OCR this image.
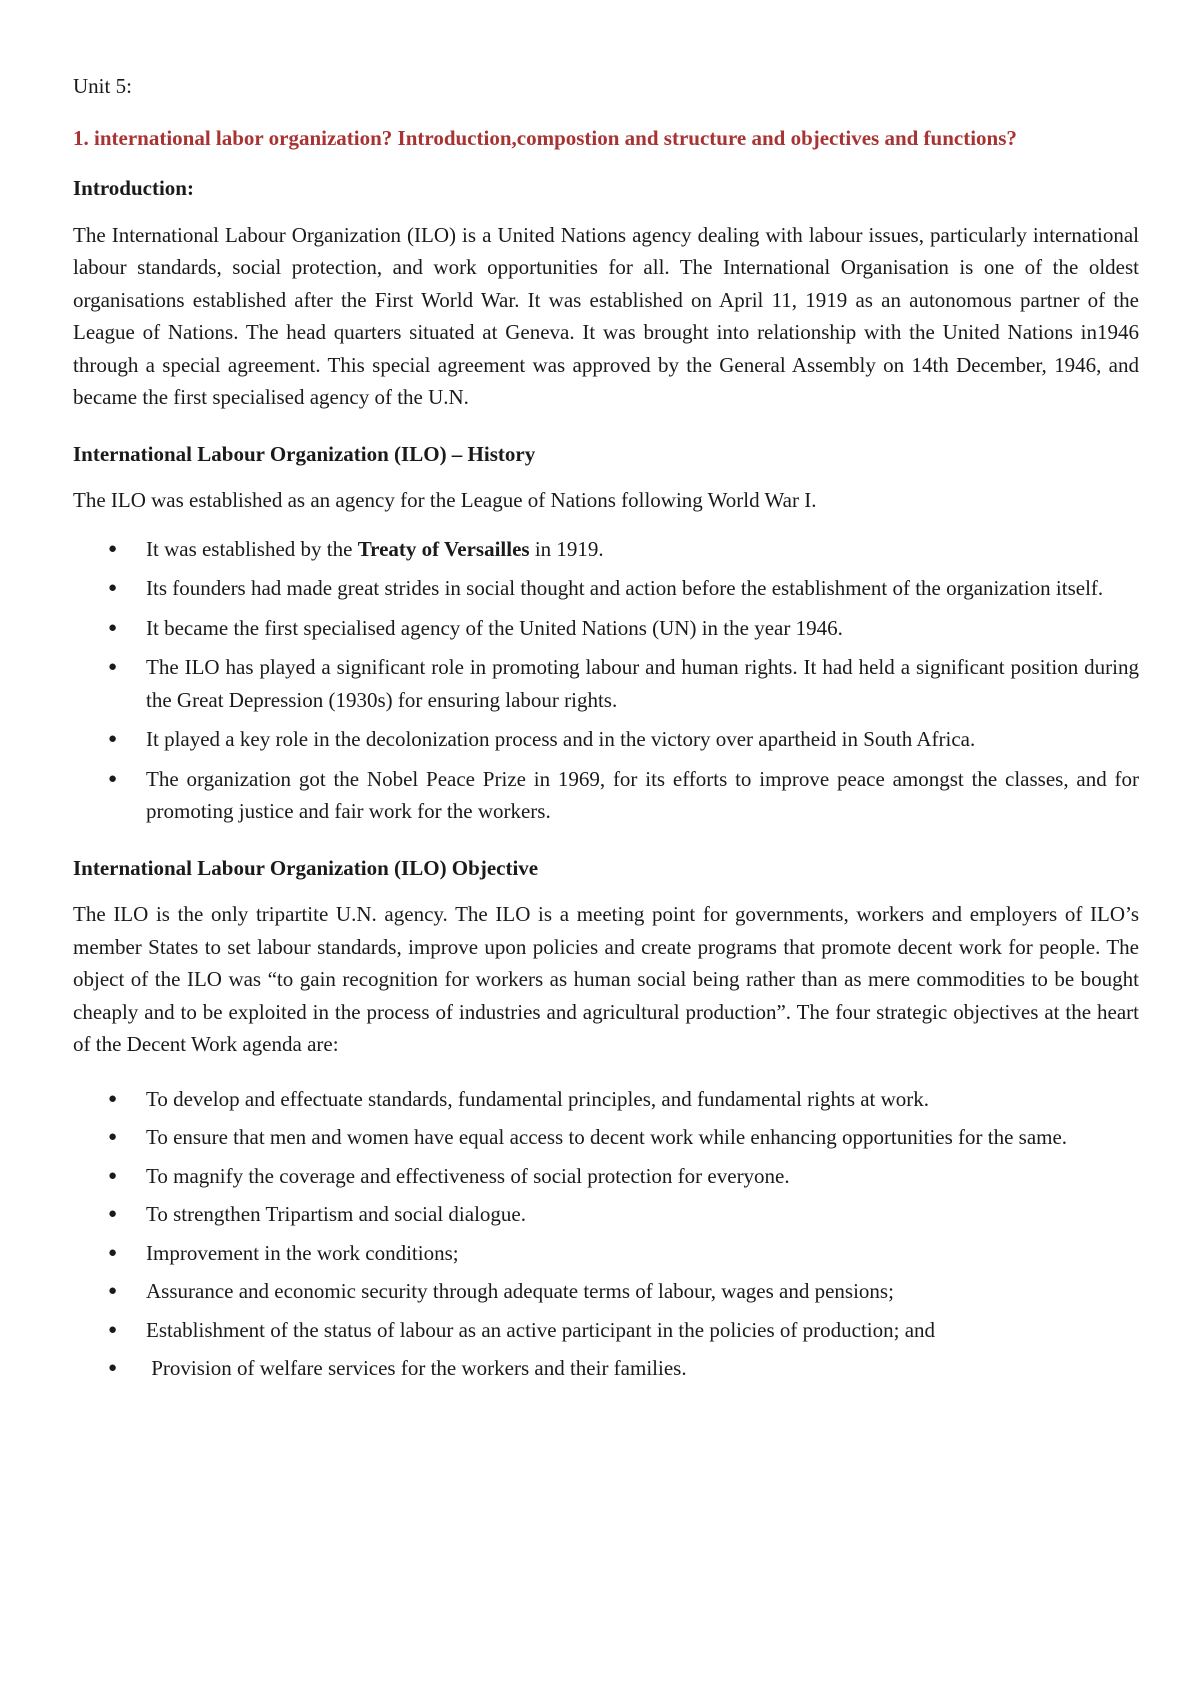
Unit 5:

1. international labor organization? Introduction,compostion and structure and objectives and functions?

Introduction:

The International Labour Organization (ILO) is a United Nations agency dealing with labour issues, particularly international labour standards, social protection, and work opportunities for all. The International Organisation is one of the oldest organisations established after the First World War. It was established on April 11, 1919 as an autonomous partner of the League of Nations. The head quarters situated at Geneva. It was brought into relationship with the United Nations in1946 through a special agreement. This special agreement was approved by the General Assembly on 14th December, 1946, and became the first specialised agency of the U.N.

International Labour Organization (ILO) – History

The ILO was established as an agency for the League of Nations following World War I.

● It was established by the Treaty of Versailles in 1919.
● Its founders had made great strides in social thought and action before the establishment of the organization itself.
● It became the first specialised agency of the United Nations (UN) in the year 1946.
● The ILO has played a significant role in promoting labour and human rights. It had held a significant position during the Great Depression (1930s) for ensuring labour rights.
● It played a key role in the decolonization process and in the victory over apartheid in South Africa.
● The organization got the Nobel Peace Prize in 1969, for its efforts to improve peace amongst the classes, and for promoting justice and fair work for the workers.

International Labour Organization (ILO) Objective

The ILO is the only tripartite U.N. agency. The ILO is a meeting point for governments, workers and employers of ILO’s member States to set labour standards, improve upon policies and create programs that promote decent work for people. The object of the ILO was “to gain recognition for workers as human social being rather than as mere commodities to be bought cheaply and to be exploited in the process of industries and agricultural production”. The four strategic objectives at the heart of the Decent Work agenda are:

● To develop and effectuate standards, fundamental principles, and fundamental rights at work.
● To ensure that men and women have equal access to decent work while enhancing opportunities for the same.
● To magnify the coverage and effectiveness of social protection for everyone.
● To strengthen Tripartism and social dialogue.
● Improvement in the work conditions;
● Assurance and economic security through adequate terms of labour, wages and pensions;
● Establishment of the status of labour as an active participant in the policies of production; and
● Provision of welfare services for the workers and their families.
